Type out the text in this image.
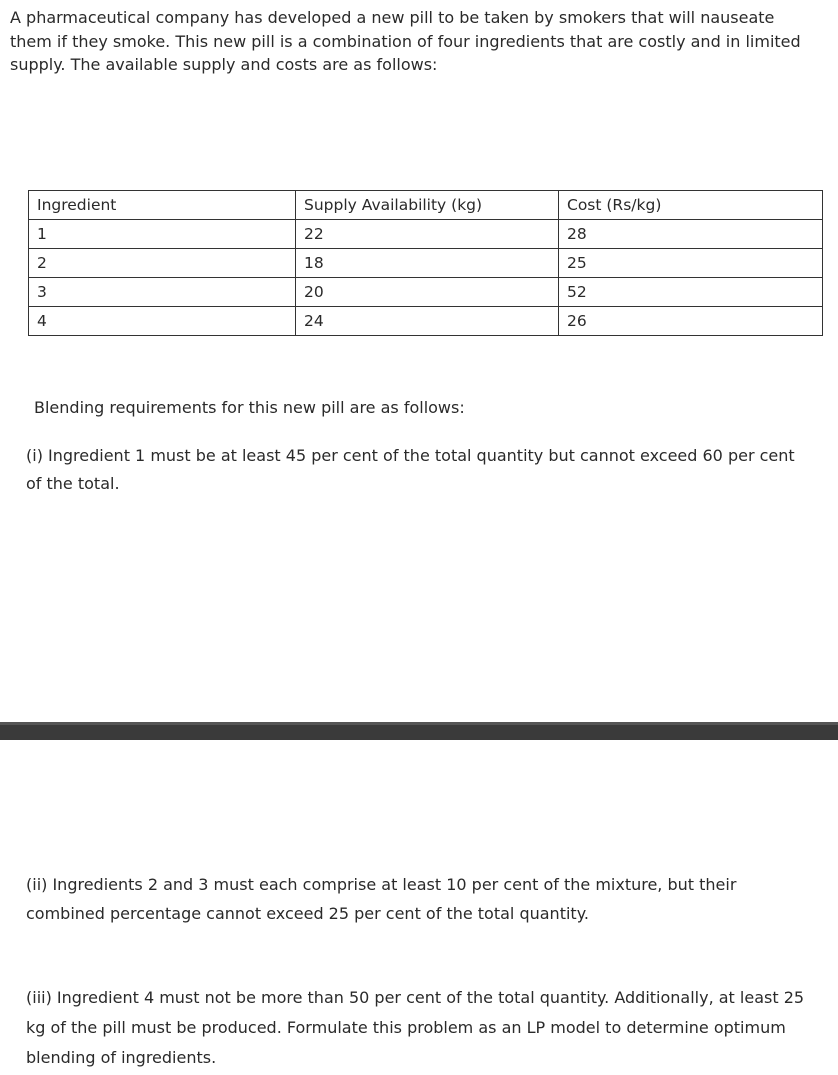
A pharmaceutical company has developed a new pill to be taken by smokers that will nauseate them if they smoke. This new pill is a combination of four ingredients that are costly and in limited supply. The available supply and costs are as follows:

Ingredient	Supply Availability (kg)	Cost (Rs/kg)
1	22	28
2	18	25
3	20	52
4	24	26

Blending requirements for this new pill are as follows:

(i) Ingredient 1 must be at least 45 per cent of the total quantity but cannot exceed 60 per cent of the total.

(ii) Ingredients 2 and 3 must each comprise at least 10 per cent of the mixture, but their combined percentage cannot exceed 25 per cent of the total quantity.

(iii) Ingredient 4 must not be more than 50 per cent of the total quantity. Additionally, at least 25 kg of the pill must be produced. Formulate this problem as an LP model to determine optimum blending of ingredients.
